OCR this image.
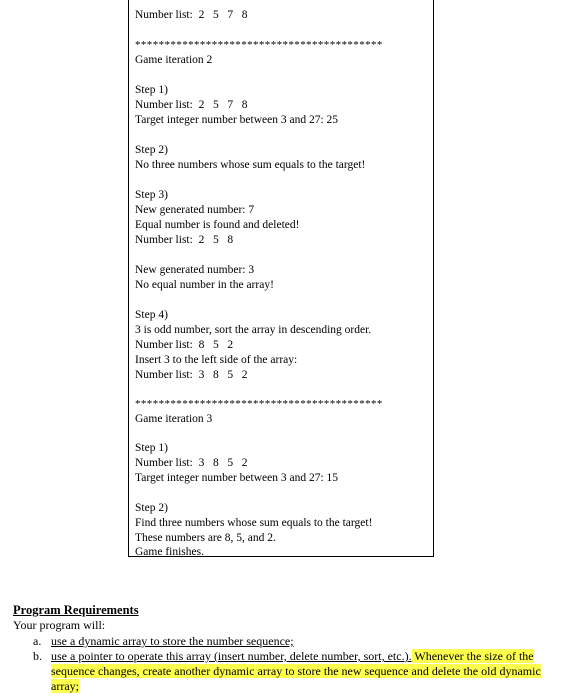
Number list:  2   5   7   8
******************************************
Game iteration 2
Step 1)
Number list:  2   5   7   8
Target integer number between 3 and 27: 25
Step 2)
No three numbers whose sum equals to the target!
Step 3)
New generated number: 7
Equal number is found and deleted!
Number list:  2   5   8
New generated number: 3
No equal number in the array!
Step 4)
3 is odd number, sort the array in descending order.
Number list:  8   5   2
Insert 3 to the left side of the array:
Number list:  3   8   5   2
******************************************
Game iteration 3
Step 1)
Number list:  3   8   5   2
Target integer number between 3 and 27: 15
Step 2)
Find three numbers whose sum equals to the target!
These numbers are 8, 5, and 2.
Game finishes.
Program Requirements
Your program will:
a. use a dynamic array to store the number sequence;
b. use a pointer to operate this array (insert number, delete number, sort, etc.). Whenever the size of the sequence changes, create another dynamic array to store the new sequence and delete the old dynamic array;
